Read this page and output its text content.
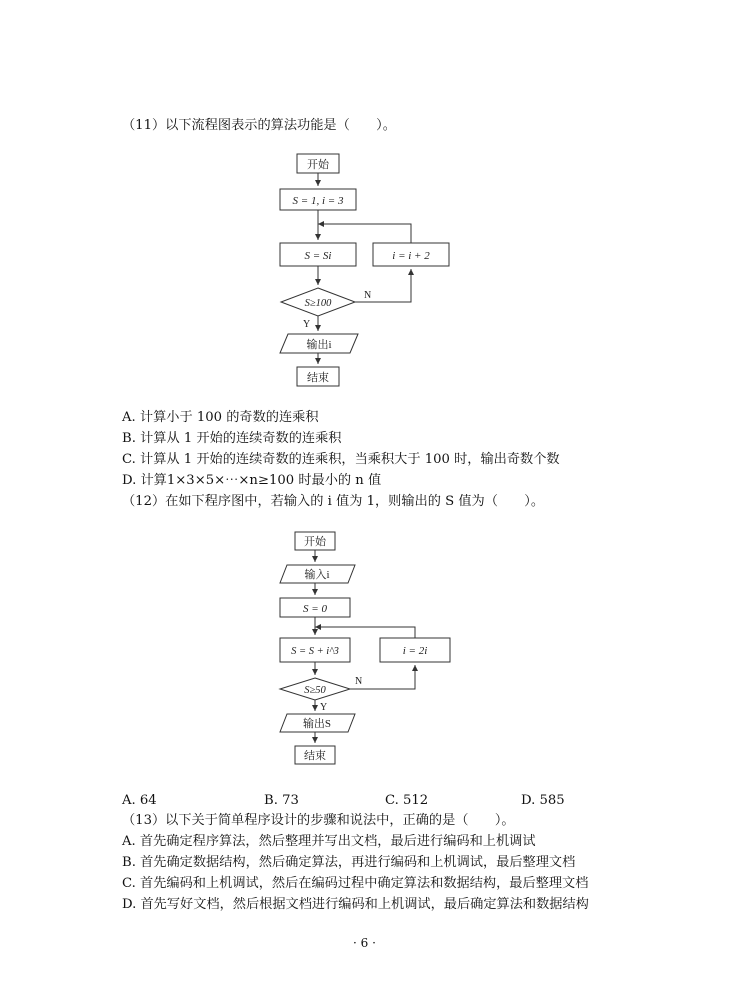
（11）以下流程图表示的算法功能是（　　）。
开始
S = 1, i = 3
S = Si	i = i + 2
S≥100
N
Y
输出i
结束
A. 计算小于 100 的奇数的连乘积
B. 计算从 1 开始的连续奇数的连乘积
C. 计算从 1 开始的连续奇数的连乘积，当乘积大于 100 时，输出奇数个数
D. 计算1×3×5×⋯×n≥100 时最小的 n 值
（12）在如下程序图中，若输入的 i 值为 1，则输出的 S 值为（　　）。
开始
输入i
S = 0
S = S + i^3	i = 2i
S≥50
N
Y
输出S
结束
A. 64	B. 73	C. 512	D. 585
（13）以下关于简单程序设计的步骤和说法中，正确的是（　　）。
A. 首先确定程序算法，然后整理并写出文档，最后进行编码和上机调试
B. 首先确定数据结构，然后确定算法，再进行编码和上机调试，最后整理文档
C. 首先编码和上机调试，然后在编码过程中确定算法和数据结构，最后整理文档
D. 首先写好文档，然后根据文档进行编码和上机调试，最后确定算法和数据结构
· 6 ·
